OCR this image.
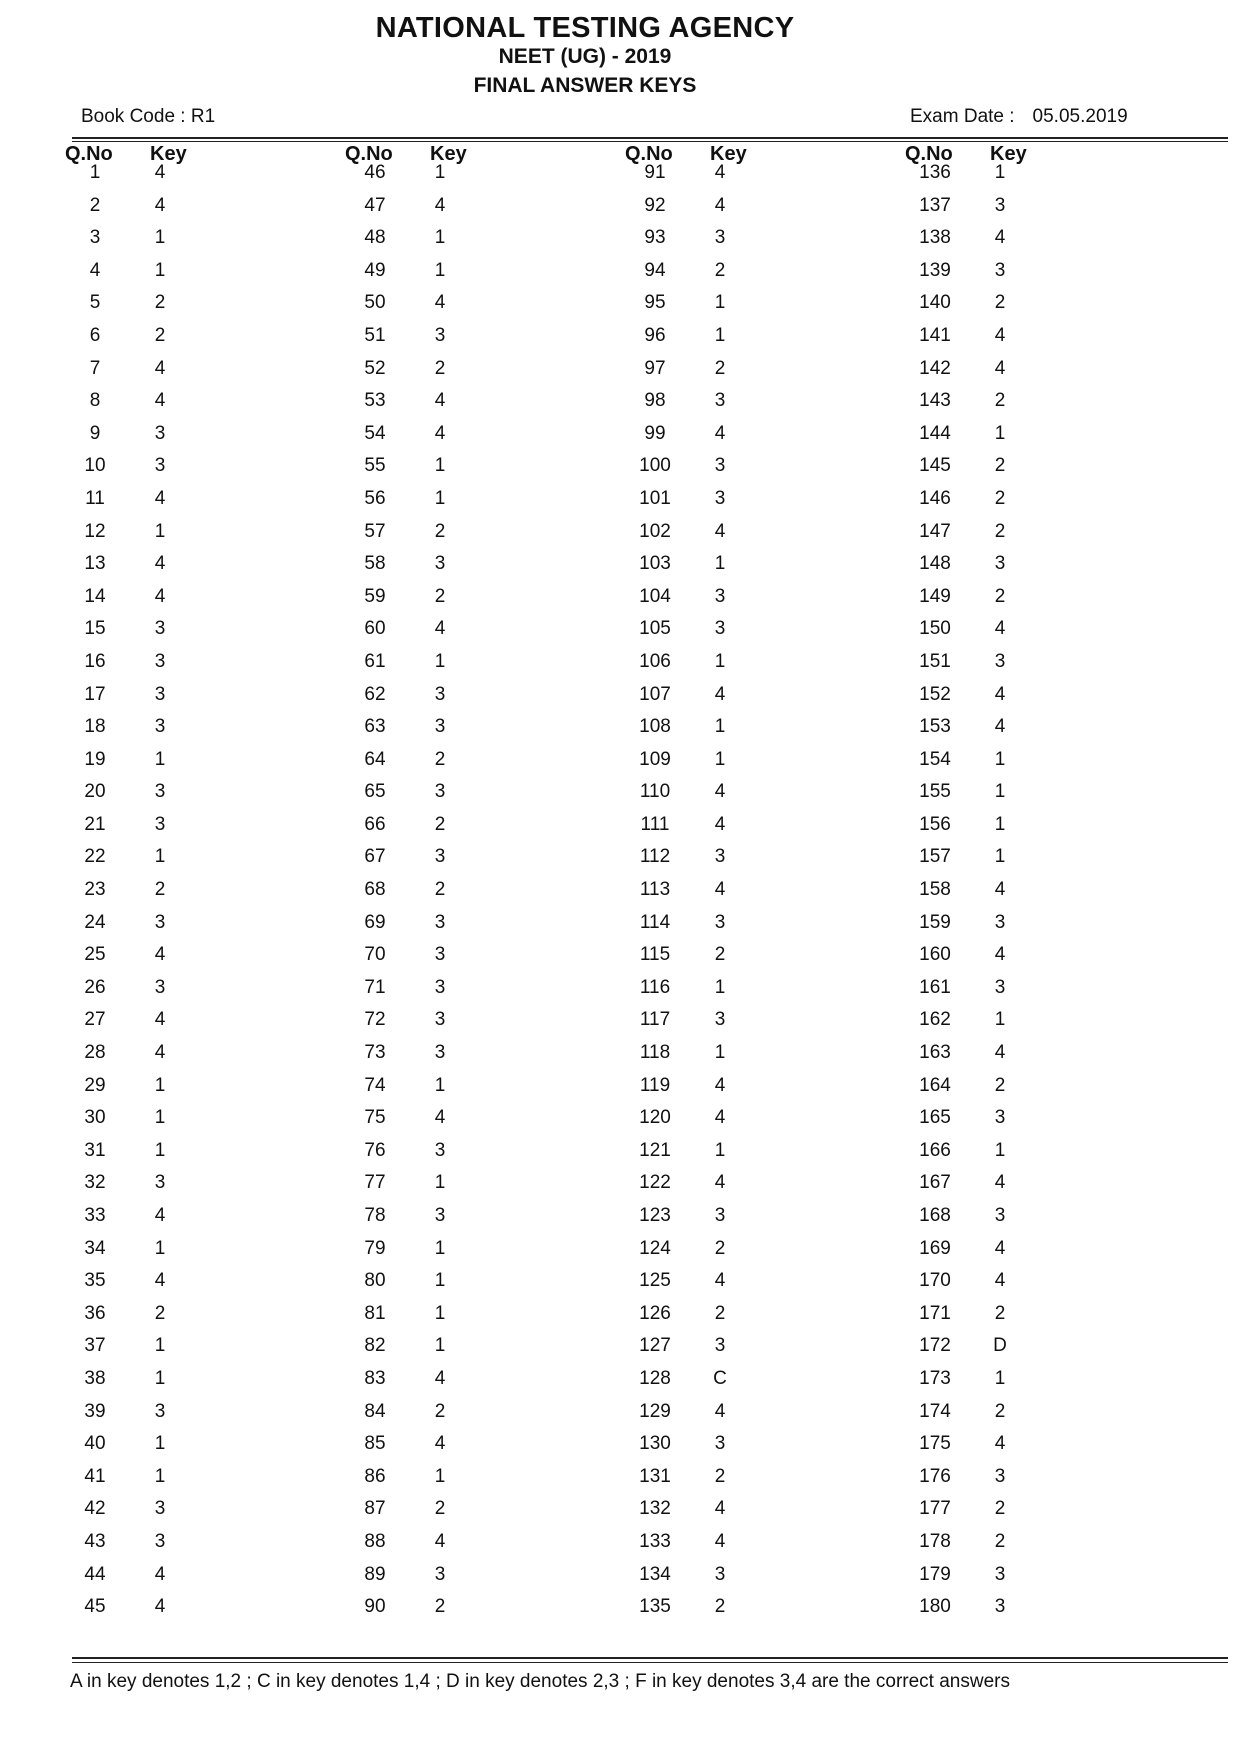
NATIONAL TESTING AGENCY
NEET (UG) - 2019
FINAL ANSWER KEYS
Book Code : R1	Exam Date : 05.05.2019
Q.No Key
1	4
2	4
3	1
4	1
5	2
6	2
7	4
8	4
9	3
10	3
11	4
12	1
13	4
14	4
15	3
16	3
17	3
18	3
19	1
20	3
21	3
22	1
23	2
24	3
25	4
26	3
27	4
28	4
29	1
30	1
31	1
32	3
33	4
34	1
35	4
36	2
37	1
38	1
39	3
40	1
41	1
42	3
43	3
44	4
45	4
Q.No Key
46	1
47	4
48	1
49	1
50	4
51	3
52	2
53	4
54	4
55	1
56	1
57	2
58	3
59	2
60	4
61	1
62	3
63	3
64	2
65	3
66	2
67	3
68	2
69	3
70	3
71	3
72	3
73	3
74	1
75	4
76	3
77	1
78	3
79	1
80	1
81	1
82	1
83	4
84	2
85	4
86	1
87	2
88	4
89	3
90	2
Q.No Key
91	4
92	4
93	3
94	2
95	1
96	1
97	2
98	3
99	4
100	3
101	3
102	4
103	1
104	3
105	3
106	1
107	4
108	1
109	1
110	4
111	4
112	3
113	4
114	3
115	2
116	1
117	3
118	1
119	4
120	4
121	1
122	4
123	3
124	2
125	4
126	2
127	3
128	C
129	4
130	3
131	2
132	4
133	4
134	3
135	2
Q.No Key
136	1
137	3
138	4
139	3
140	2
141	4
142	4
143	2
144	1
145	2
146	2
147	2
148	3
149	2
150	4
151	3
152	4
153	4
154	1
155	1
156	1
157	1
158	4
159	3
160	4
161	3
162	1
163	4
164	2
165	3
166	1
167	4
168	3
169	4
170	4
171	2
172	D
173	1
174	2
175	4
176	3
177	2
178	2
179	3
180	3
A in key denotes 1,2 ; C in key denotes 1,4 ; D in key denotes 2,3 ; F in key denotes 3,4 are the correct answers
